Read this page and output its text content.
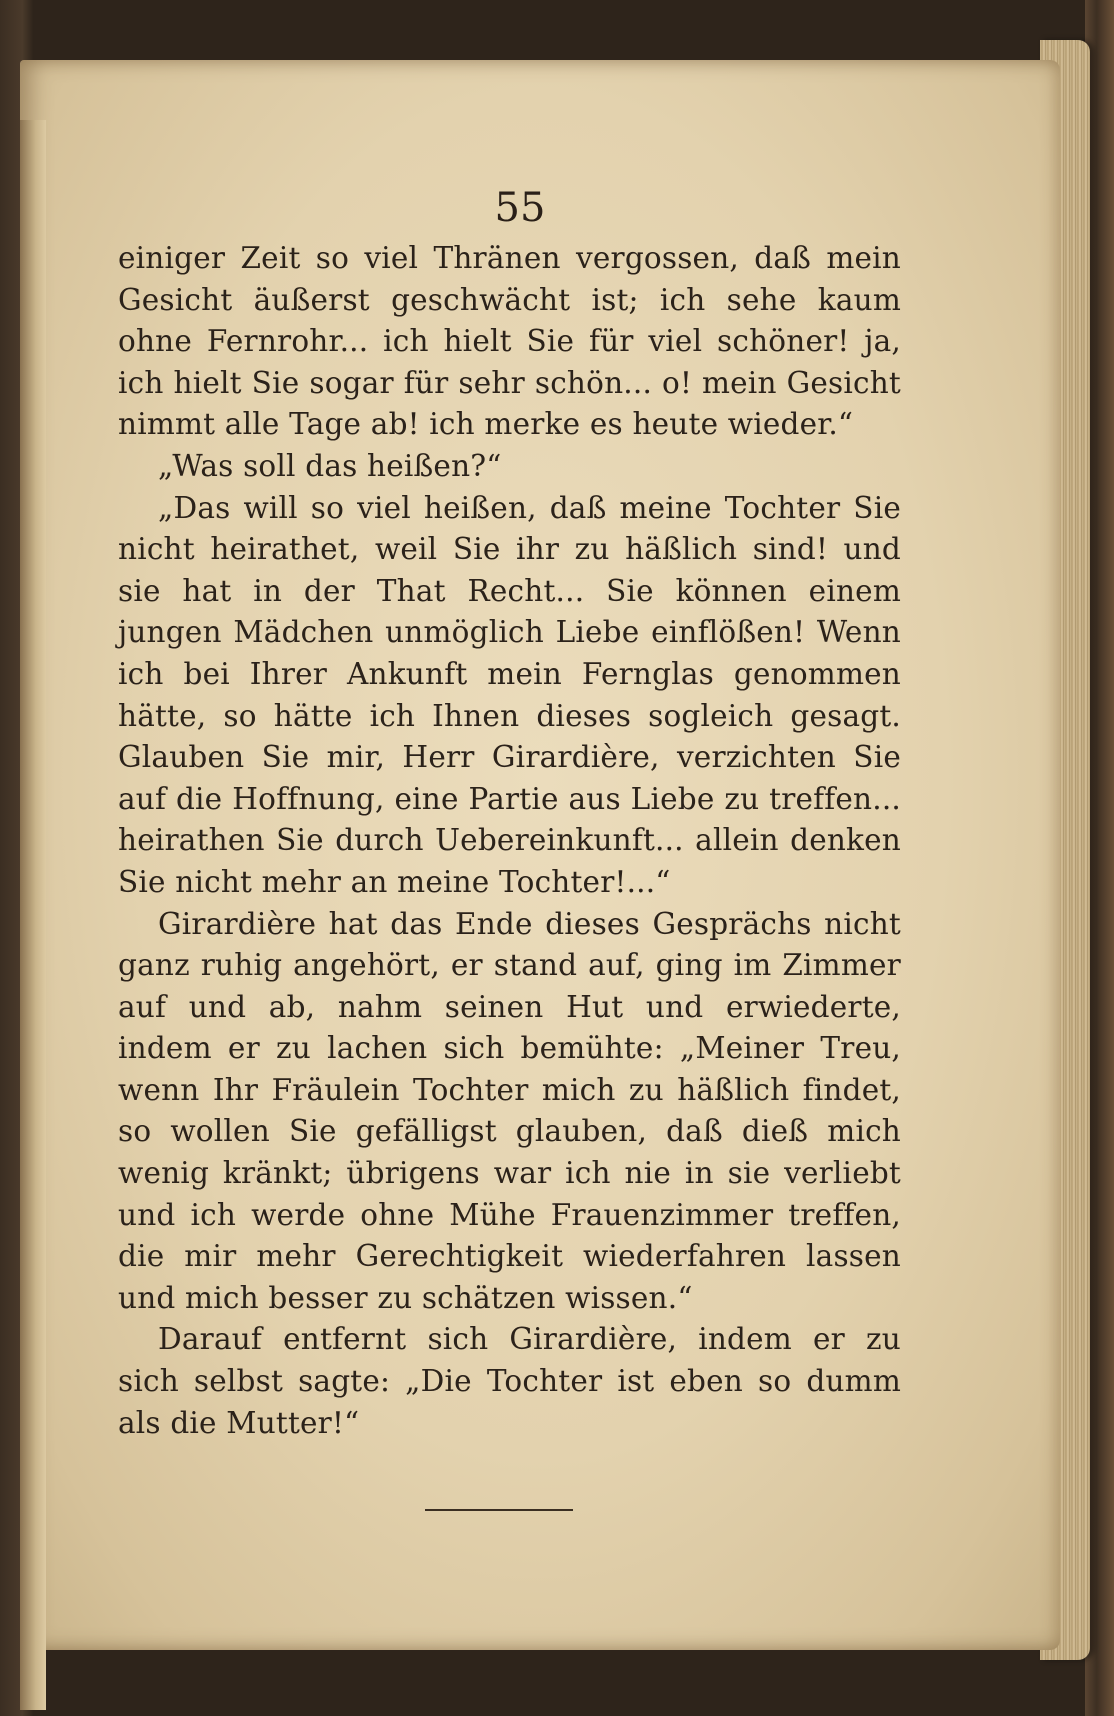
55

einiger Zeit so viel Thränen vergossen, daß mein Gesicht äußerst geschwächt ist; ich sehe kaum ohne Fernrohr... ich hielt Sie für viel schöner! ja, ich hielt Sie sogar für sehr schön... o! mein Gesicht nimmt alle Tage ab! ich merke es heute wieder.“

„Was soll das heißen?“

„Das will so viel heißen, daß meine Tochter Sie nicht heirathet, weil Sie ihr zu häßlich sind! und sie hat in der That Recht... Sie können einem jungen Mädchen unmöglich Liebe einflößen! Wenn ich bei Ihrer Ankunft mein Fernglas genommen hätte, so hätte ich Ihnen dieses sogleich gesagt. Glauben Sie mir, Herr Girardière, verzichten Sie auf die Hoffnung, eine Partie aus Liebe zu treffen... heirathen Sie durch Uebereinkunft... allein denken Sie nicht mehr an meine Tochter!...“

Girardière hat das Ende dieses Gesprächs nicht ganz ruhig angehört, er stand auf, ging im Zimmer auf und ab, nahm seinen Hut und erwiederte, indem er zu lachen sich bemühte: „Meiner Treu, wenn Ihr Fräulein Tochter mich zu häßlich findet, so wollen Sie gefälligst glauben, daß dieß mich wenig kränkt; übrigens war ich nie in sie verliebt und ich werde ohne Mühe Frauenzimmer treffen, die mir mehr Gerechtigkeit wiederfahren lassen und mich besser zu schätzen wissen.“

Darauf entfernt sich Girardière, indem er zu sich selbst sagte: „Die Tochter ist eben so dumm als die Mutter!“
